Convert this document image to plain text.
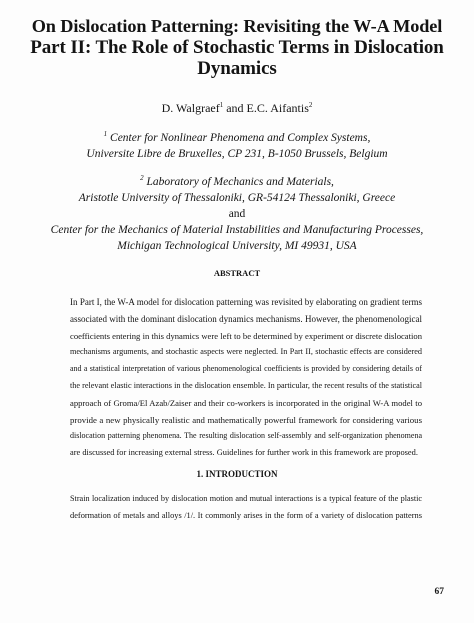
On Dislocation Patterning: Revisiting the W-A Model
Part II: The Role of Stochastic Terms in Dislocation
Dynamics
D. Walgraef$^1$ and E.C. Aifantis$^2$
$^1$ Center for Nonlinear Phenomena and Complex Systems,
Universite Libre de Bruxelles, CP 231, B-1050 Brussels, Belgium
$^2$ Laboratory of Mechanics and Materials,
Aristotle University of Thessaloniki, GR-54124 Thessaloniki, Greece
and
Center for the Mechanics of Material Instabilities and Manufacturing Processes,
Michigan Technological University, MI 49931, USA
ABSTRACT
In Part I, the W-A model for dislocation patterning was revisited by elaborating on gradient terms
associated with the dominant dislocation dynamics mechanisms. However, the phenomenological
coefficients entering in this dynamics were left to be determined by experiment or discrete dislocation
mechanisms arguments, and stochastic aspects were neglected. In Part II, stochastic effects are considered
and a statistical interpretation of various phenomenological coefficients is provided by considering details of
the relevant elastic interactions in the dislocation ensemble. In particular, the recent results of the statistical
approach of Groma/El Azab/Zaiser and their co-workers is incorporated in the original W-A model to
provide a new physically realistic and mathematically powerful framework for considering various
dislocation patterning phenomena. The resulting dislocation self-assembly and self-organization phenomena
are discussed for increasing external stress. Guidelines for further work in this framework are proposed.
1. INTRODUCTION
Strain localization induced by dislocation motion and mutual interactions is a typical feature of the plastic
deformation of metals and alloys /1/. It commonly arises in the form of a variety of dislocation patterns
67
